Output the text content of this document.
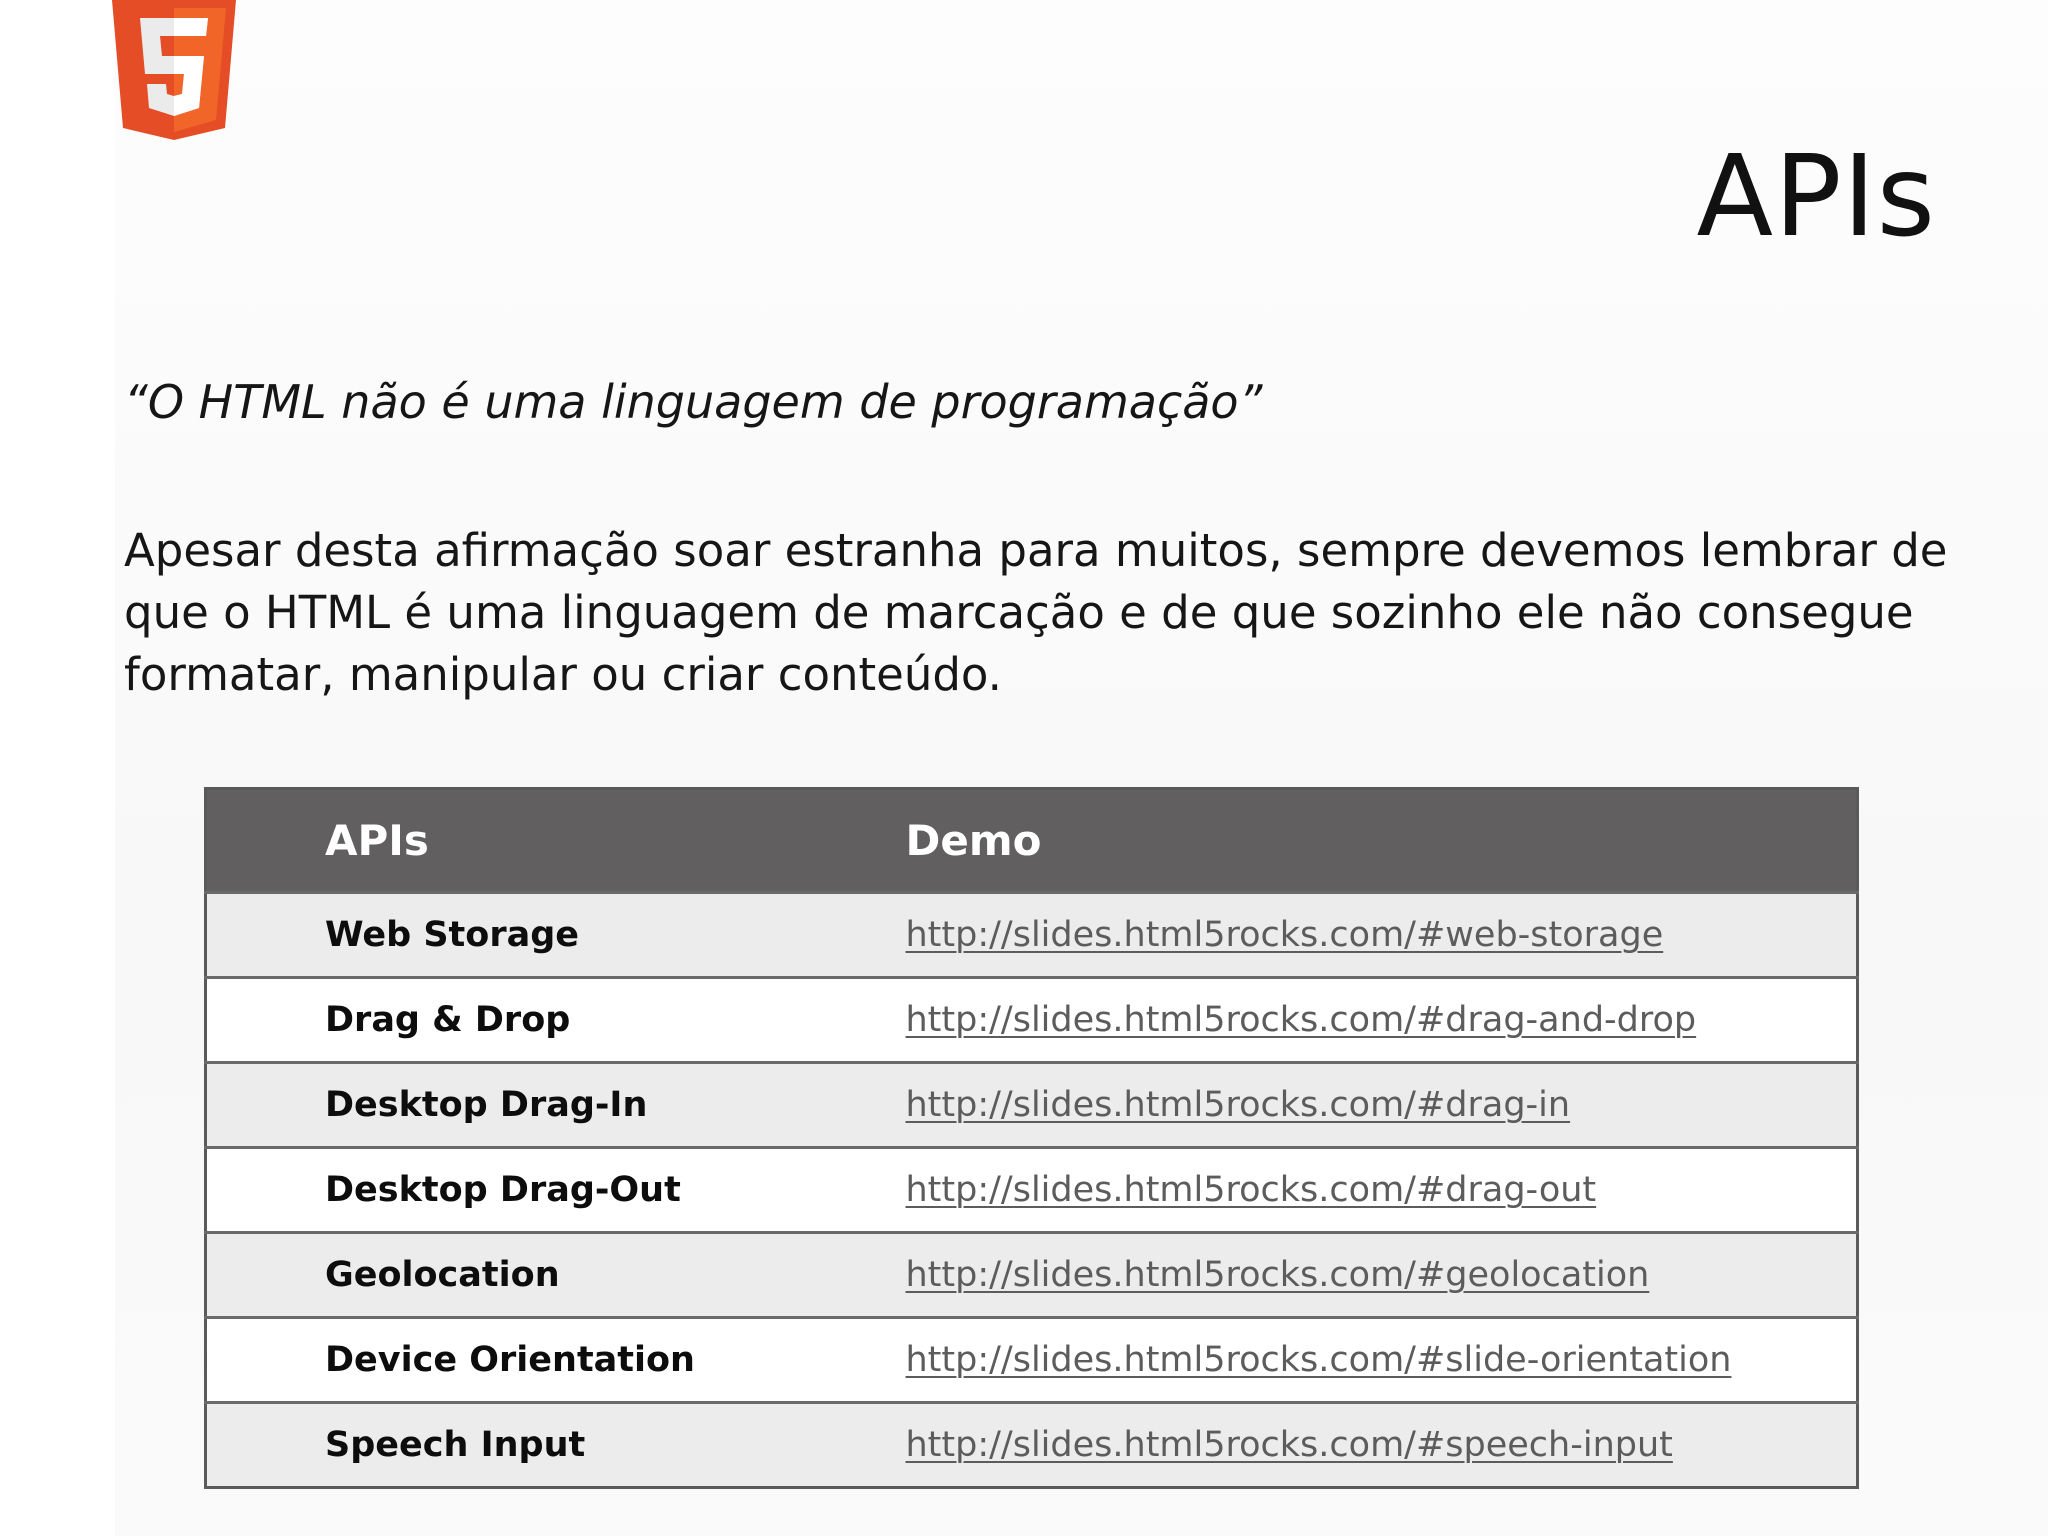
APIs
“O HTML não é uma linguagem de programação”

Apesar desta afirmação soar estranha para muitos, sempre devemos lembrar de que o HTML é uma linguagem de marcação e de que sozinho ele não consegue formatar, manipular ou criar conteúdo.

APIs	Demo
Web Storage	http://slides.html5rocks.com/#web-storage
Drag & Drop	http://slides.html5rocks.com/#drag-and-drop
Desktop Drag-In	http://slides.html5rocks.com/#drag-in
Desktop Drag-Out	http://slides.html5rocks.com/#drag-out
Geolocation	http://slides.html5rocks.com/#geolocation
Device Orientation	http://slides.html5rocks.com/#slide-orientation
Speech Input	http://slides.html5rocks.com/#speech-input
